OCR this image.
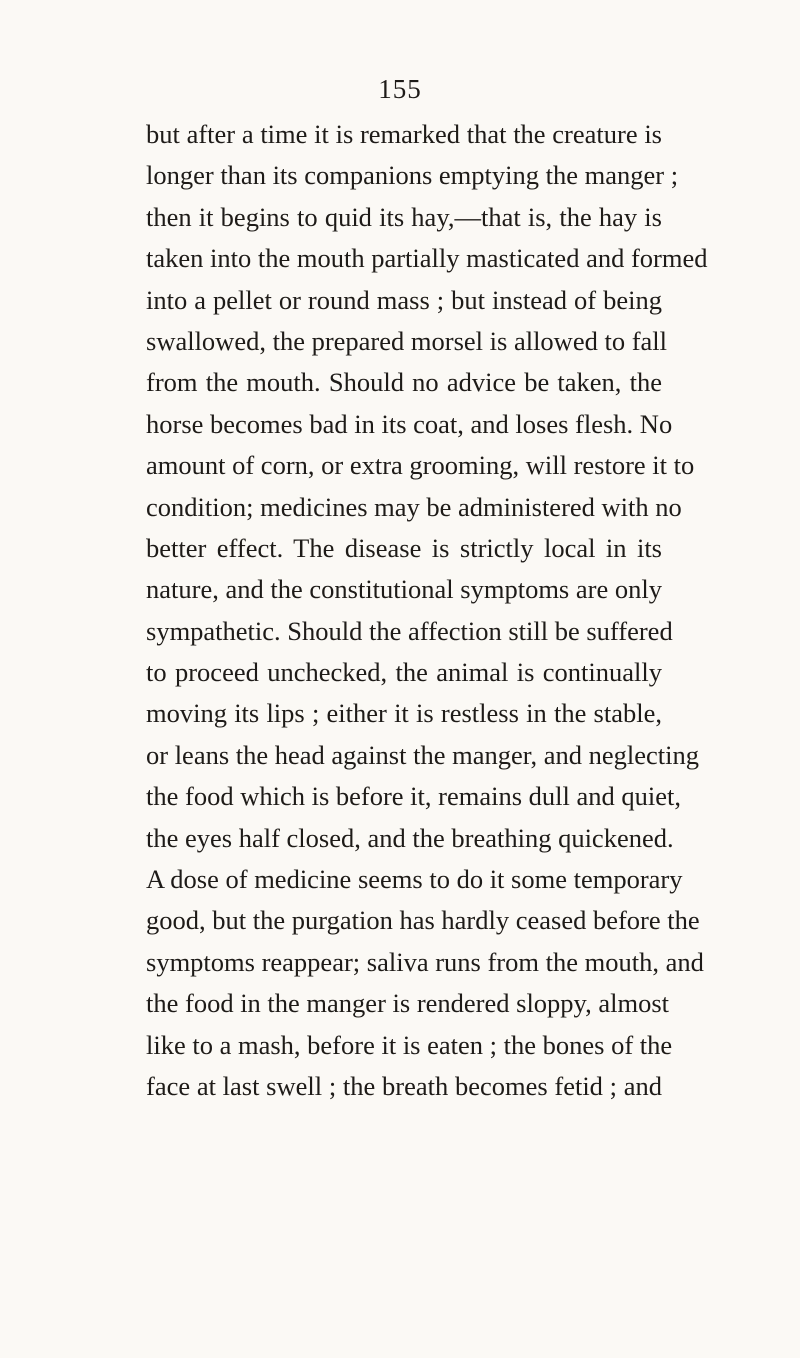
155
but after a time it is remarked that the creature is
longer than its companions emptying the manger ;
then it begins to quid its hay,—that is, the hay is
taken into the mouth partially masticated and formed
into a pellet or round mass ; but instead of being
swallowed, the prepared morsel is allowed to fall
from the mouth. Should no advice be taken, the
horse becomes bad in its coat, and loses flesh. No
amount of corn, or extra grooming, will restore it to
condition; medicines may be administered with no
better effect. The disease is strictly local in its
nature, and the constitutional symptoms are only
sympathetic. Should the affection still be suffered
to proceed unchecked, the animal is continually
moving its lips ; either it is restless in the stable,
or leans the head against the manger, and neglecting
the food which is before it, remains dull and quiet,
the eyes half closed, and the breathing quickened.
A dose of medicine seems to do it some temporary
good, but the purgation has hardly ceased before the
symptoms reappear; saliva runs from the mouth, and
the food in the manger is rendered sloppy, almost
like to a mash, before it is eaten ; the bones of the
face at last swell ; the breath becomes fetid ; and
